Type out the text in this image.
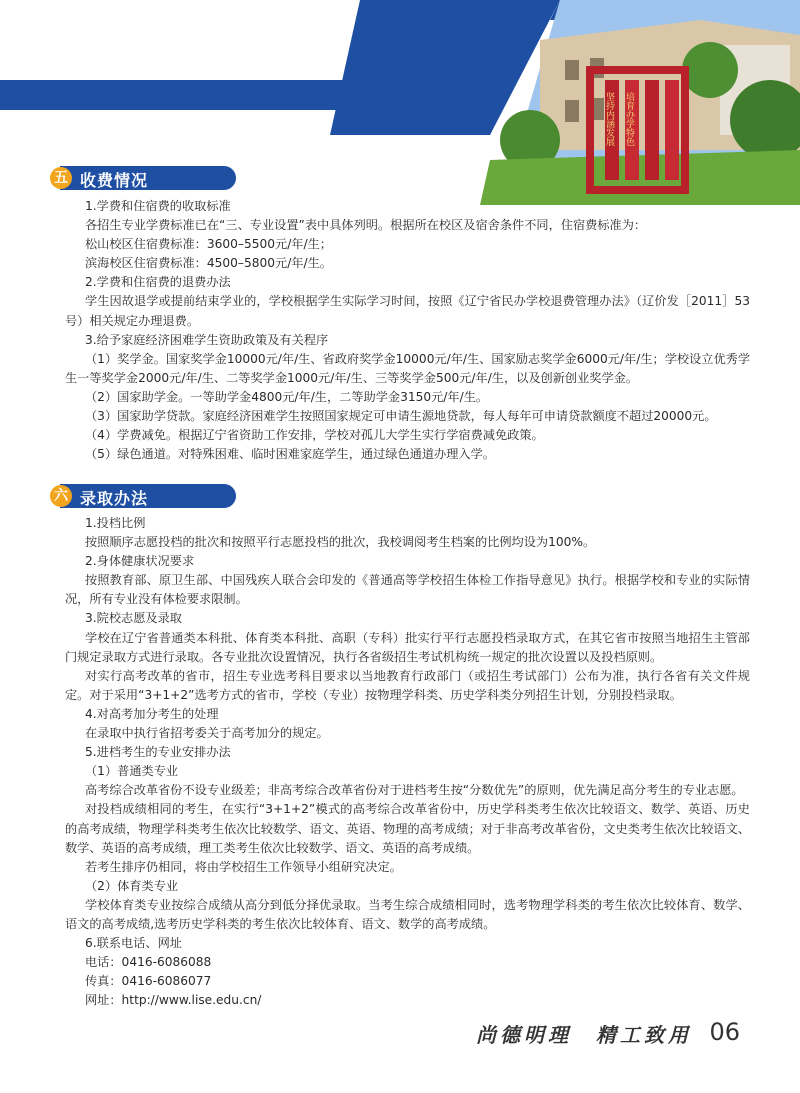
坚持内涵发展 培育办学特色
五 收费情况

1.学费和住宿费的收取标准

各招生专业学费标准已在“三、专业设置”表中具体列明。根据所在校区及宿舍条件不同，住宿费标准为：

松山校区住宿费标准：3600–5500元/年/生；

滨海校区住宿费标准：4500–5800元/年/生。

2.学费和住宿费的退费办法

学生因故退学或提前结束学业的，学校根据学生实际学习时间，按照《辽宁省民办学校退费管理办法》（辽价发［2011］53号）相关规定办理退费。

3.给予家庭经济困难学生资助政策及有关程序

（1）奖学金。国家奖学金10000元/年/生、省政府奖学金10000元/年/生、国家励志奖学金6000元/年/生；学校设立优秀学生一等奖学金2000元/年/生、二等奖学金1000元/年/生、三等奖学金500元/年/生，以及创新创业奖学金。

（2）国家助学金。一等助学金4800元/年/生，二等助学金3150元/年/生。

（3）国家助学贷款。家庭经济困难学生按照国家规定可申请生源地贷款，每人每年可申请贷款额度不超过20000元。

（4）学费减免。根据辽宁省资助工作安排，学校对孤儿大学生实行学宿费减免政策。

（5）绿色通道。对特殊困难、临时困难家庭学生，通过绿色通道办理入学。

六 录取办法

1.投档比例

按照顺序志愿投档的批次和按照平行志愿投档的批次，我校调阅考生档案的比例均设为100%。

2.身体健康状况要求

按照教育部、原卫生部、中国残疾人联合会印发的《普通高等学校招生体检工作指导意见》执行。根据学校和专业的实际情况，所有专业没有体检要求限制。

3.院校志愿及录取

学校在辽宁省普通类本科批、体育类本科批、高职（专科）批实行平行志愿投档录取方式，在其它省市按照当地招生主管部门规定录取方式进行录取。各专业批次设置情况，执行各省级招生考试机构统一规定的批次设置以及投档原则。

对实行高考改革的省市，招生专业选考科目要求以当地教育行政部门（或招生考试部门）公布为准，执行各省有关文件规定。对于采用“3+1+2”选考方式的省市，学校（专业）按物理学科类、历史学科类分列招生计划，分别投档录取。

4.对高考加分考生的处理

在录取中执行省招考委关于高考加分的规定。

5.进档考生的专业安排办法

（1）普通类专业

高考综合改革省份不设专业级差；非高考综合改革省份对于进档考生按“分数优先”的原则，优先满足高分考生的专业志愿。

对投档成绩相同的考生，在实行“3+1+2”模式的高考综合改革省份中，历史学科类考生依次比较语文、数学、英语、历史的高考成绩，物理学科类考生依次比较数学、语文、英语、物理的高考成绩；对于非高考改革省份，文史类考生依次比较语文、数学、英语的高考成绩，理工类考生依次比较数学、语文、英语的高考成绩。

若考生排序仍相同，将由学校招生工作领导小组研究决定。

（2）体育类专业

学校体育类专业按综合成绩从高分到低分择优录取。当考生综合成绩相同时，选考物理学科类的考生依次比较体育、数学、语文的高考成绩,选考历史学科类的考生依次比较体育、语文、数学的高考成绩。

6.联系电话、网址

电话：0416-6086088

传真：0416-6086077

网址：http://www.lise.edu.cn/

尚德明理　精工致用 06
